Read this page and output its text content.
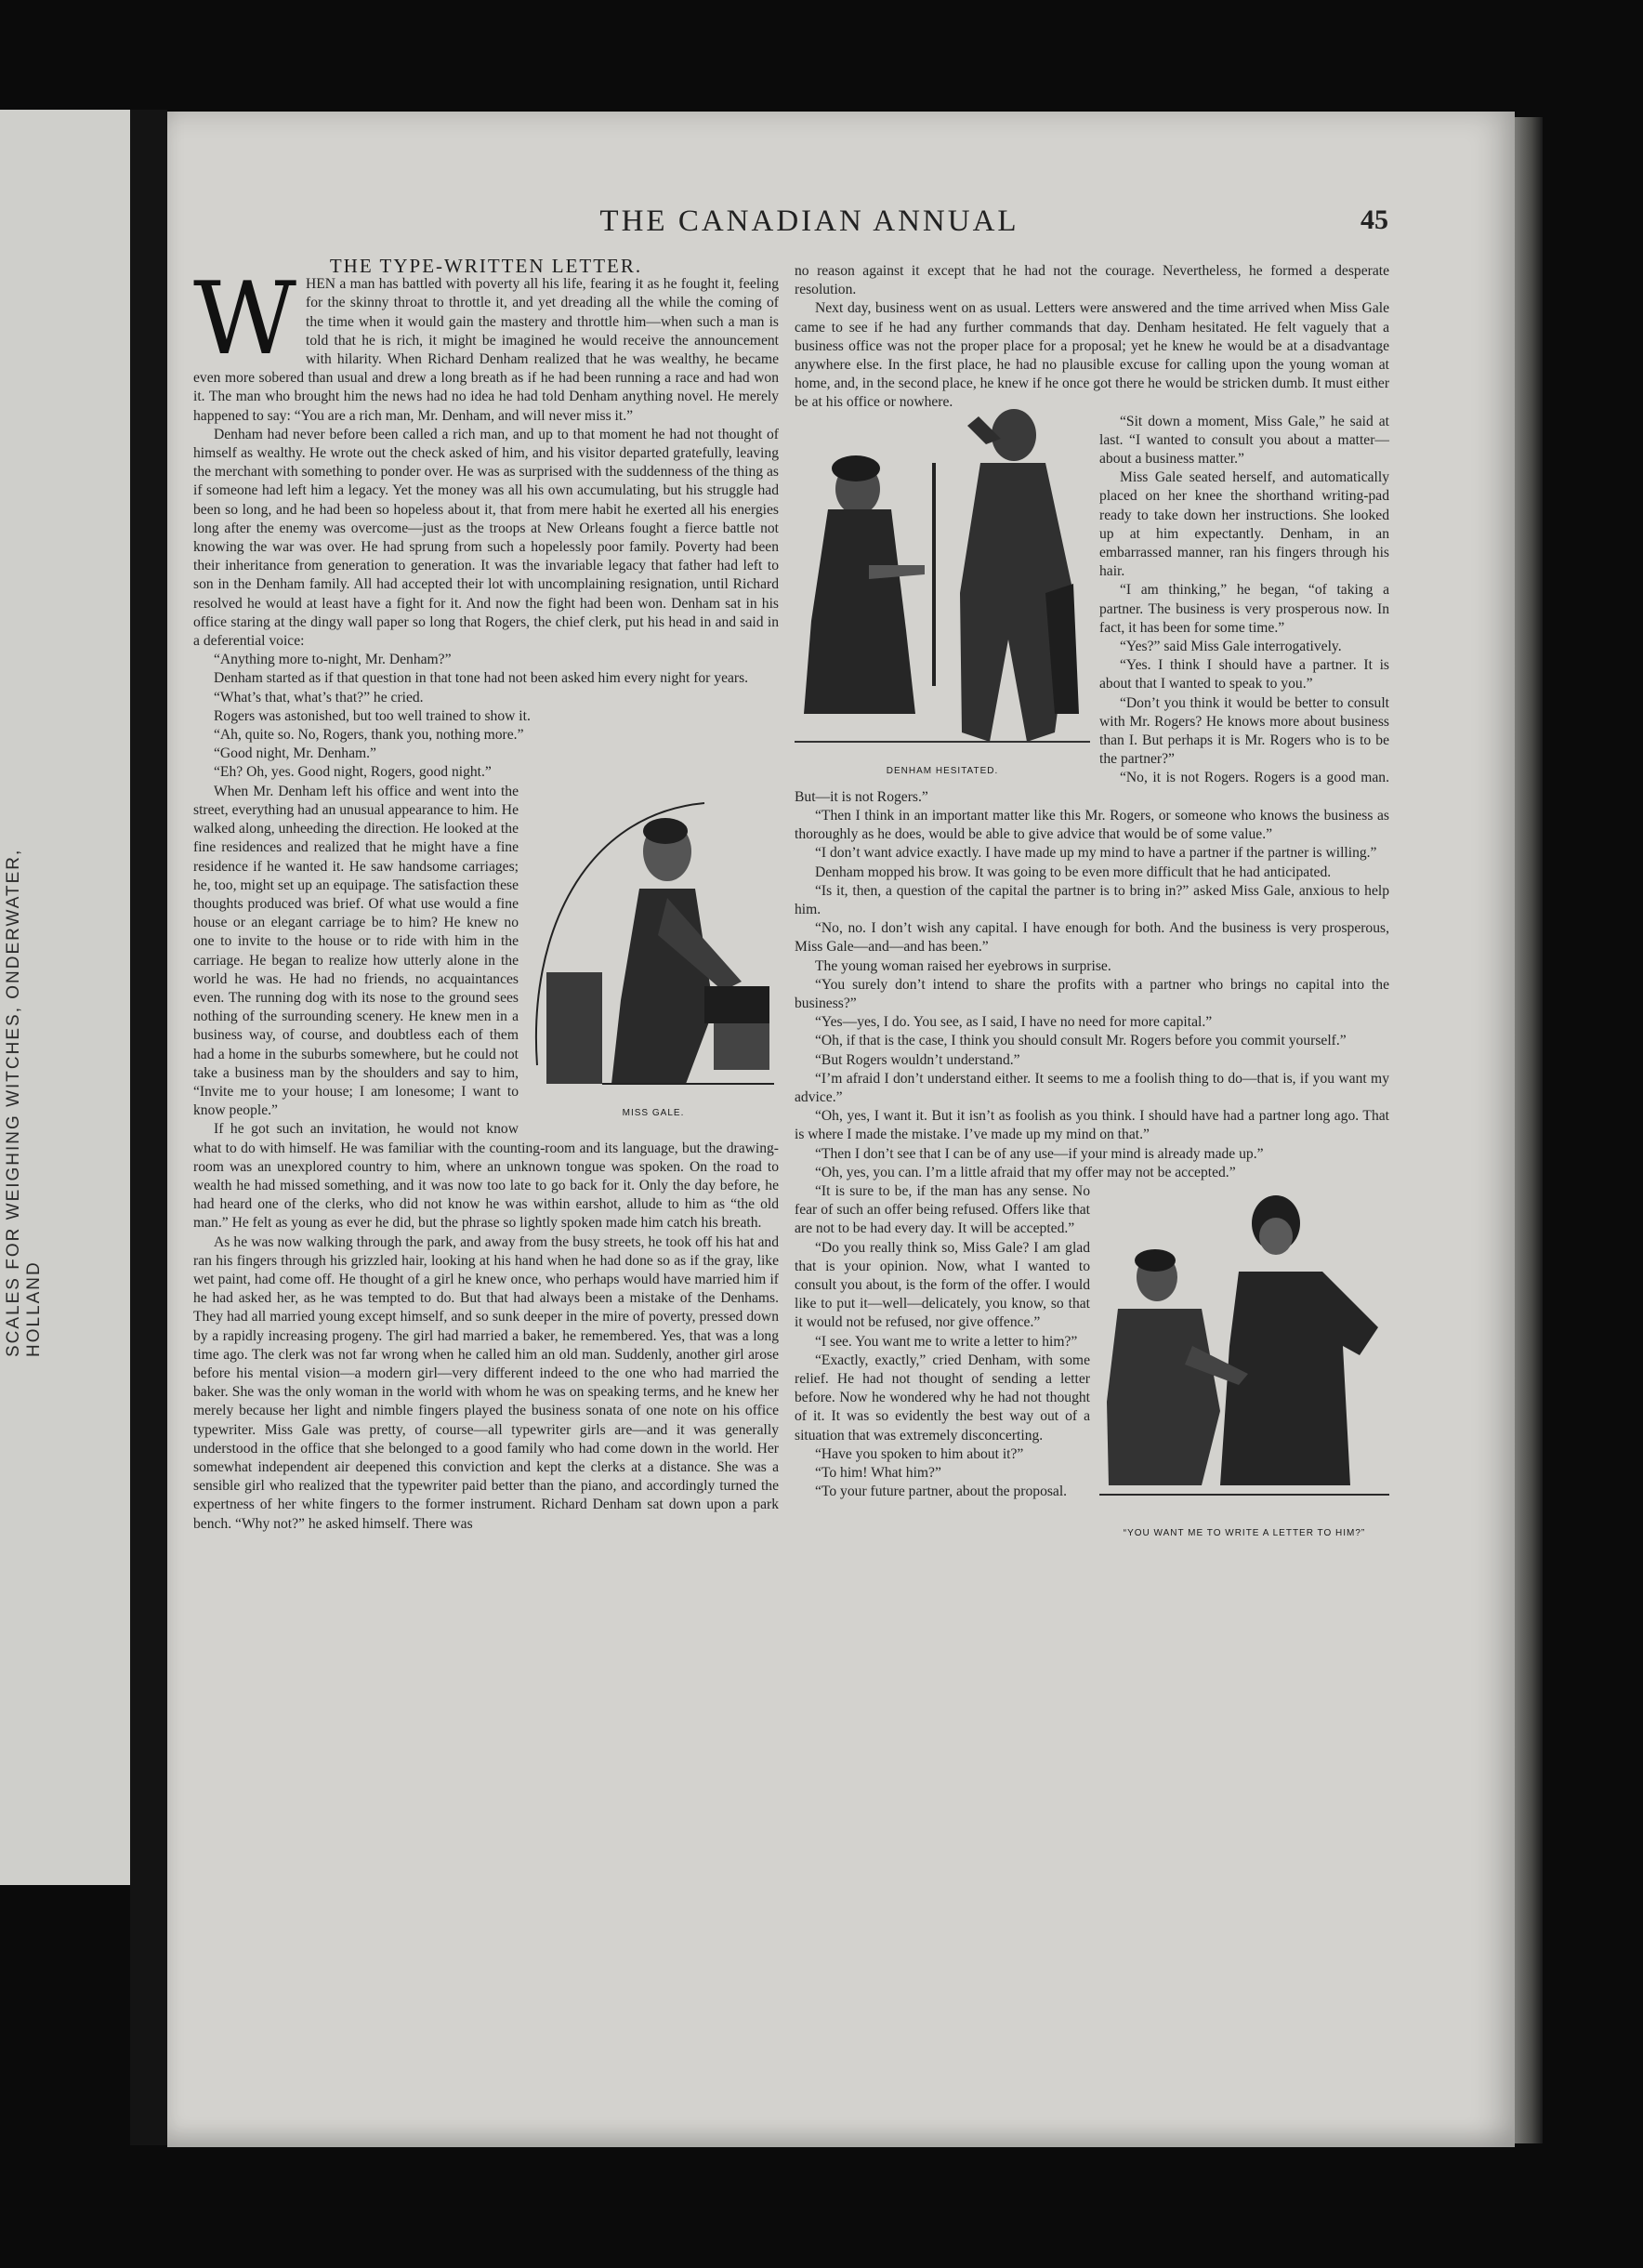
SCALES FOR WEIGHING WITCHES, ONDERWATER, HOLLAND
THE CANADIAN ANNUAL	45

THE TYPE-WRITTEN LETTER.

WHEN a man has battled with poverty all his life, fearing it as he fought it, feeling for the skinny throat to throttle it, and yet dreading all the while the coming of the time when it would gain the mastery and throttle him—when such a man is told that he is rich, it might be imagined he would receive the announcement with hilarity. When Richard Denham realized that he was wealthy, he became even more sobered than usual and drew a long breath as if he had been running a race and had won it. The man who brought him the news had no idea he had told Denham anything novel. He merely happened to say: “You are a rich man, Mr. Denham, and will never miss it.”

Denham had never before been called a rich man, and up to that moment he had not thought of himself as wealthy. He wrote out the check asked of him, and his visitor departed gratefully, leaving the merchant with something to ponder over. He was as surprised with the suddenness of the thing as if someone had left him a legacy. Yet the money was all his own accumulating, but his struggle had been so long, and he had been so hopeless about it, that from mere habit he exerted all his energies long after the enemy was overcome—just as the troops at New Orleans fought a fierce battle not knowing the war was over. He had sprung from such a hopelessly poor family. Poverty had been their inheritance from generation to generation. It was the invariable legacy that father had left to son in the Denham family. All had accepted their lot with uncomplaining resignation, until Richard resolved he would at least have a fight for it. And now the fight had been won. Denham sat in his office staring at the dingy wall paper so long that Rogers, the chief clerk, put his head in and said in a deferential voice:

“Anything more to-night, Mr. Denham?”

Denham started as if that question in that tone had not been asked him every night for years.

“What’s that, what’s that?” he cried.

Rogers was astonished, but too well trained to show it.

“Ah, quite so. No, Rogers, thank you, nothing more.”

“Good night, Mr. Denham.”

“Eh? Oh, yes. Good night, Rogers, good night.”

MISS GALE.

When Mr. Denham left his office and went into the street, everything had an unusual appearance to him. He walked along, unheeding the direction. He looked at the fine residences and realized that he might have a fine residence if he wanted it. He saw handsome carriages; he, too, might set up an equipage. The satisfaction these thoughts produced was brief. Of what use would a fine house or an elegant carriage be to him? He knew no one to invite to the house or to ride with him in the carriage. He began to realize how utterly alone in the world he was. He had no friends, no acquaintances even. The running dog with its nose to the ground sees nothing of the surrounding scenery. He knew men in a business way, of course, and doubtless each of them had a home in the suburbs somewhere, but he could not take a business man by the shoulders and say to him, “Invite me to your house; I am lonesome; I want to know people.”

If he got such an invitation, he would not know what to do with himself. He was familiar with the counting-room and its language, but the drawing-room was an unexplored country to him, where an unknown tongue was spoken. On the road to wealth he had missed something, and it was now too late to go back for it. Only the day before, he had heard one of the clerks, who did not know he was within earshot, allude to him as “the old man.” He felt as young as ever he did, but the phrase so lightly spoken made him catch his breath.

As he was now walking through the park, and away from the busy streets, he took off his hat and ran his fingers through his grizzled hair, looking at his hand when he had done so as if the gray, like wet paint, had come off. He thought of a girl he knew once, who perhaps would have married him if he had asked her, as he was tempted to do. But that had always been a mistake of the Denhams. They had all married young except himself, and so sunk deeper in the mire of poverty, pressed down by a rapidly increasing progeny. The girl had married a baker, he remembered. Yes, that was a long time ago. The clerk was not far wrong when he called him an old man. Suddenly, another girl arose before his mental vision—a modern girl—very different indeed to the one who had married the baker. She was the only woman in the world with whom he was on speaking terms, and he knew her merely because her light and nimble fingers played the business sonata of one note on his office typewriter. Miss Gale was pretty, of course—all typewriter girls are—and it was generally understood in the office that she belonged to a good family who had come down in the world. Her somewhat independent air deepened this conviction and kept the clerks at a distance. She was a sensible girl who realized that the typewriter paid better than the piano, and accordingly turned the expertness of her white fingers to the former instrument. Richard Denham sat down upon a park bench. “Why not?” he asked himself. There was

no reason against it except that he had not the courage. Nevertheless, he formed a desperate resolution.

Next day, business went on as usual. Letters were answered and the time arrived when Miss Gale came to see if he had any further commands that day. Denham hesitated. He felt vaguely that a business office was not the proper place for a proposal; yet he knew he would be at a disadvantage anywhere else. In the first place, he had no plausible excuse for calling upon the young woman at home, and, in the second place, he knew if he once got there he would be stricken dumb. It must either be at his office or nowhere.

DENHAM HESITATED.

“Sit down a moment, Miss Gale,” he said at last. “I wanted to consult you about a matter—about a business matter.”

Miss Gale seated herself, and automatically placed on her knee the shorthand writing-pad ready to take down her instructions. She looked up at him expectantly. Denham, in an embarrassed manner, ran his fingers through his hair.

“I am thinking,” he began, “of taking a partner. The business is very prosperous now. In fact, it has been for some time.”

“Yes?” said Miss Gale interrogatively.

“Yes. I think I should have a partner. It is about that I wanted to speak to you.”

“Don’t you think it would be better to consult with Mr. Rogers? He knows more about business than I. But perhaps it is Mr. Rogers who is to be the partner?”

“No, it is not Rogers. Rogers is a good man. But—it is not Rogers.”

“Then I think in an important matter like this Mr. Rogers, or someone who knows the business as thoroughly as he does, would be able to give advice that would be of some value.”

“I don’t want advice exactly. I have made up my mind to have a partner if the partner is willing.”

Denham mopped his brow. It was going to be even more difficult that he had anticipated.

“Is it, then, a question of the capital the partner is to bring in?” asked Miss Gale, anxious to help him.

“No, no. I don’t wish any capital. I have enough for both. And the business is very prosperous, Miss Gale—and—and has been.”

The young woman raised her eyebrows in surprise.

“You surely don’t intend to share the profits with a partner who brings no capital into the business?”

“Yes—yes, I do. You see, as I said, I have no need for more capital.”

“Oh, if that is the case, I think you should consult Mr. Rogers before you commit yourself.”

“But Rogers wouldn’t understand.”

“I’m afraid I don’t understand either. It seems to me a foolish thing to do—that is, if you want my advice.”

“Oh, yes, I want it. But it isn’t as foolish as you think. I should have had a partner long ago. That is where I made the mistake. I’ve made up my mind on that.”

“Then I don’t see that I can be of any use—if your mind is already made up.”

“Oh, yes, you can. I’m a little afraid that my offer may not be accepted.”

“YOU WANT ME TO WRITE A LETTER TO HIM?”

“It is sure to be, if the man has any sense. No fear of such an offer being refused. Offers like that are not to be had every day. It will be accepted.”

“Do you really think so, Miss Gale? I am glad that is your opinion. Now, what I wanted to consult you about, is the form of the offer. I would like to put it—well—delicately, you know, so that it would not be refused, nor give offence.”

“I see. You want me to write a letter to him?”

“Exactly, exactly,” cried Denham, with some relief. He had not thought of sending a letter before. Now he wondered why he had not thought of it. It was so evidently the best way out of a situation that was extremely disconcerting.

“Have you spoken to him about it?”

“To him! What him?”

“To your future partner, about the proposal.
